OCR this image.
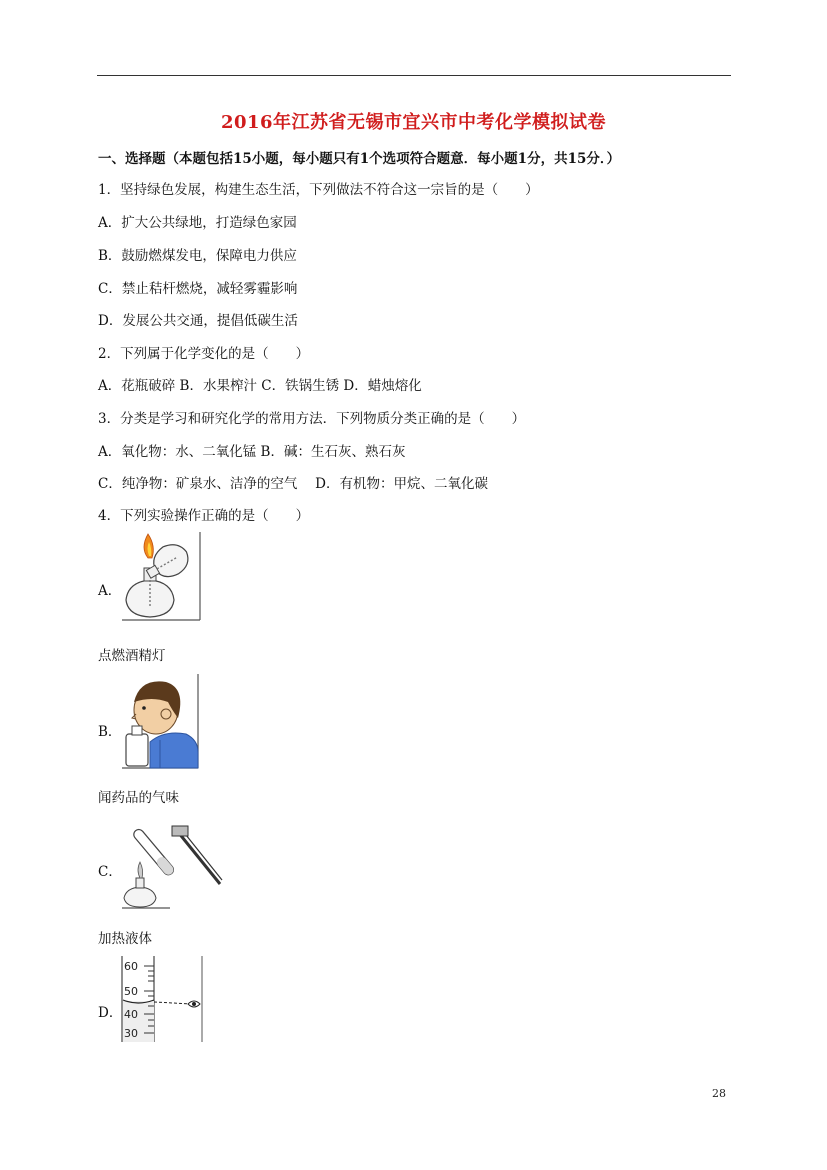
2016年江苏省无锡市宜兴市中考化学模拟试卷
一、选择题（本题包括15小题，每小题只有1个选项符合题意．每小题1分，共15分．）
1．坚持绿色发展，构建生态生活，下列做法不符合这一宗旨的是（　　）
A．扩大公共绿地，打造绿色家园
B．鼓励燃煤发电，保障电力供应
C．禁止秸杆燃烧，减轻雾霾影响
D．发展公共交通，提倡低碳生活
2．下列属于化学变化的是（　　）
A．花瓶破碎 B．水果榨汁 C．铁锅生锈 D．蜡烛熔化
3．分类是学习和研究化学的常用方法．下列物质分类正确的是（　　）
A．氧化物：水、二氧化锰 B．碱：生石灰、熟石灰
C．纯净物：矿泉水、洁净的空气　 D．有机物：甲烷、二氧化碳
4．下列实验操作正确的是（　　）
A．
点燃酒精灯
B．
闻药品的气味
C．
加热液体
D．
60
50
40
30
28
